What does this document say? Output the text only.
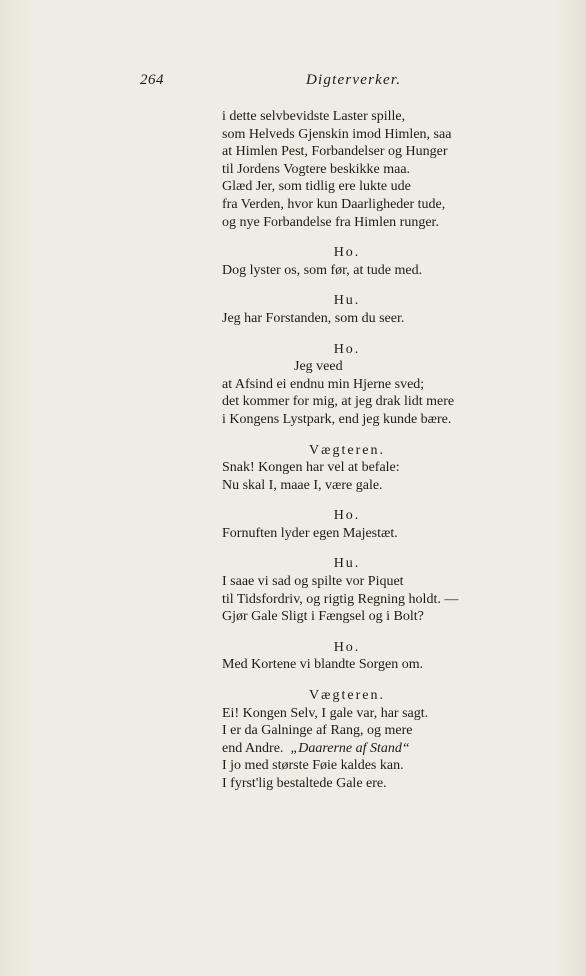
264	Digterverker.
i dette selvbevidste Laster spille,
som Helveds Gjenskin imod Himlen, saa
at Himlen Pest, Forbandelser og Hunger
til Jordens Vogtere beskikke maa.
Glæd Jer, som tidlig ere lukte ude
fra Verden, hvor kun Daarligheder tude,
og nye Forbandelse fra Himlen runger.
Ho.
Dog lyster os, som før, at tude med.
Hu.
Jeg har Forstanden, som du seer.
Ho.
Jeg veed
at Afsind ei endnu min Hjerne sved;
det kommer for mig, at jeg drak lidt mere
i Kongens Lystpark, end jeg kunde bære.
Vægteren.
Snak! Kongen har vel at befale:
Nu skal I, maae I, være gale.
Ho.
Fornuften lyder egen Majestæt.
Hu.
I saae vi sad og spilte vor Piquet
til Tidsfordriv, og rigtig Regning holdt. —
Gjør Gale Sligt i Fængsel og i Bolt?
Ho.
Med Kortene vi blandte Sorgen om.
Vægteren.
Ei! Kongen Selv, I gale var, har sagt.
I er da Galninge af Rang, og mere
end Andre. „Daarerne af Stand“
I jo med største Føie kaldes kan.
I fyrst'lig bestaltede Gale ere.
